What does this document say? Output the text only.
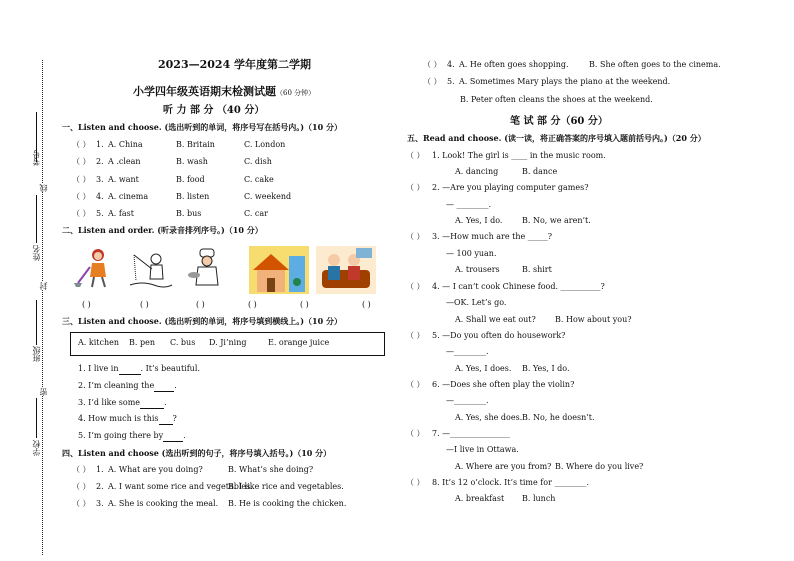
考号
线
姓名
封
班级
密
学校
2023—2024 学年度第二学期
小学四年级英语期末检测试题（60 分钟）
听 力 部 分 （40 分）
一、Listen and choose. (选出听到的单词，将序号写在括号内。)（10 分）
（ ） 1. A. China	B. Britain	C. London
（ ） 2. A .clean	B. wash	C. dish
（ ） 3. A. want	B. food	C. cake
（ ） 4. A. cinema	B. listen	C. weekend
（ ） 5. A. fast	B. bus	C. car
二、Listen and order. (听录音排列序号。)（10 分）
( )	( )	( )	( )	( )	( )
三、Listen and choose. (选出听到的单词，将序号填到横线上。)（10 分）
A. kitchen B. pen C. bus D. Ji’ning	E. orange juice
1. I live in	. It’s beautiful.
2. I’m cleaning the	.
3. I’d like some	.
4. How much is this ?
5. I’m going there by	.
四、Listen and choose (选出听到的句子，将序号填入括号。)（10 分）
（ ） 1. A. What are you doing?	B. What’s she doing?
（ ） 2. A. I want some rice and vegetables.
B. I like rice and vegetables.
（ ） 3. A. She is cooking the meal. B. He is cooking the chicken.
（ ） 4. A. He often goes shopping.	B. She often goes to the cinema.
（ ） 5. A. Sometimes Mary plays the piano at the weekend.
B. Peter often cleans the shoes at the weekend.
笔 试 部 分（60 分）
五、Read and choose. (读一读，将正确答案的序号填入题前括号内。)（20 分）
（ ） 1. Look! The girl is ____ in the music room.
A. dancing	B. dance
（ ） 2. —Are you playing computer games?
— ________.
A. Yes, I do. B. No, we aren’t.
（ ） 3. —How much are the _____?
— 100 yuan.
A. trousers	B. shirt
（ ） 4. — I can’t cook Chinese food. __________?
—OK. Let’s go.
A. Shall we eat out? B. How about you?
（ ） 5. —Do you often do housework?
—________.
A. Yes, I does. B. Yes, I do.
（ ） 6. —Does she often play the violin?
—________.
A. Yes, she does. B. No, he doesn’t.
（ ） 7. —_______________
—I live in Ottawa.
A. Where are you from? B. Where do you live?
（ ） 8. It’s 12 o’clock. It’s time for ________.
A. breakfast B. lunch
